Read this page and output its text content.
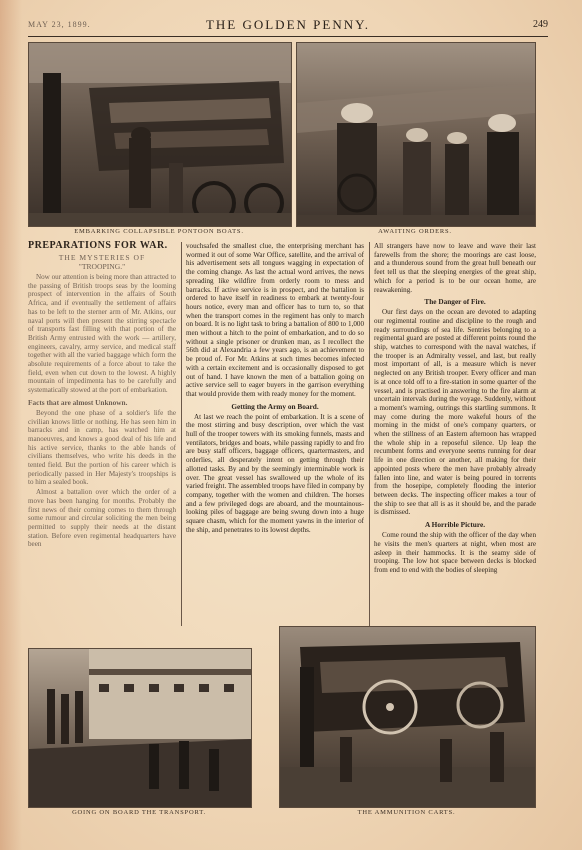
MAY 23, 1899.	THE GOLDEN PENNY.	249
EMBARKING COLLAPSIBLE PONTOON BOATS.	AWAITING ORDERS.
PREPARATIONS FOR WAR.
THE MYSTERIES OF
"TROOPING."

Now our attention is being more than attracted to the passing of British troops seas by the looming prospect of intervention in the affairs of South Africa, and if eventually the settlement of affairs has to be left to the sterner arm of Mr. Atkins, our naval ports will then present the stirring spectacle of transports fast filling with that portion of the British Army entrusted with the work — artillery, engineers, cavalry, army service, and medical staff together with all the varied baggage which form the absolute requirements of a force about to take the field, even when cut down to the lowest. A highly mountain of impedimenta has to be carefully and systematically stowed at the port of embarkation.

Facts that are almost Unknown.

Beyond the one phase of a soldier's life the civilian knows little or nothing. He has seen him in barracks and in camp, has watched him at manoeuvres, and knows a good deal of his life and his active service, thanks to the able hands of civilians themselves, who write his deeds in the tented field. But the portion of his career which is periodically passed in Her Majesty's troopships is to him a sealed book.

Almost a battalion over which the order of a move has been hanging for months. Probably the first news of their coming comes to them through some rumour and circular soliciting the men being permitted to supply their needs at the distant station. Before even regimental headquarters have been

vouchsafed the smallest clue, the enterprising merchant has wormed it out of some War Office, satellite, and the arrival of his advertisement sets all tongues wagging in expectation of the coming change. As last the actual word arrives, the news spreading like wildfire from orderly room to mess and barracks. If active service is in prospect, and the battalion is ordered to have itself in readiness to embark at twenty-four hours notice, every man and officer has to turn to, so that when the transport comes in the regiment has only to march on board. It is no light task to bring a battalion of 800 to 1,000 men without a hitch to the point of embarkation, and to do so without a single prisoner or drunken man, as I recollect the 56th did at Alexandria a few years ago, is an achievement to be proud of. For Mr. Atkins at such times becomes infected with a certain excitement and is occasionally disposed to get out of hand. I have known the men of a battalion going on active service sell to eager buyers in the garrison everything that would provide them with ready money for the moment.

Getting the Army on Board.

At last we reach the point of embarkation. It is a scene of the most stirring and busy description, over which the vast hull of the trooper towers with its smoking funnels, masts and ventilators, bridges and boats, while passing rapidly to and fro are busy staff officers, baggage officers, quartermasters, and orderlies, all desperately intent on getting through their allotted tasks. By and by the seemingly interminable work is over. The great vessel has swallowed up the whole of its varied freight. The assembled troops have filed in company by company, together with the women and children. The horses and a few privileged dogs are aboard, and the mountainous-looking piles of baggage are being swung down into a huge square chasm, which for the moment yawns in the interior of the ship, and penetrates to its lowest depths.

All strangers have now to leave and wave their last farewells from the shore; the moorings are cast loose, and a thunderous sound from the great hull beneath our feet tell us that the sleeping energies of the great ship, which for a period is to be our ocean home, are reawakening.

The Danger of Fire.

Our first days on the ocean are devoted to adapting our regimental routine and discipline to the rough and ready surroundings of sea life. Sentries belonging to a regimental guard are posted at different points round the ship, watches to correspond with the naval watches, if the trooper is an Admiralty vessel, and last, but really most important of all, is a measure which is never neglected on any British trooper. Every officer and man is at once told off to a fire-station in some quarter of the vessel, and is practised in answering to the fire alarm at uncertain intervals during the voyage. Suddenly, without a moment's warning, outrings this startling summons. It may come during the more wakeful hours of the morning in the midst of one's company quarters, or when the stillness of an Eastern afternoon has wrapped the whole ship in a reposeful silence. Up leap the recumbent forms and everyone seems running for dear life in one direction or another, all making for their appointed posts where the men have probably already fallen into line, and water is being poured in torrents from the hosepipe, completely flooding the interior between decks. The inspecting officer makes a tour of the ship to see that all is as it should be, and the parade is dismissed.

A Horrible Picture.

Come round the ship with the officer of the day when he visits the men's quarters at night, when most are asleep in their hammocks. It is the seamy side of trooping. The low hot space between decks is blocked from end to end with the bodies of sleeping

GOING ON BOARD THE TRANSPORT.	THE AMMUNITION CARTS.
